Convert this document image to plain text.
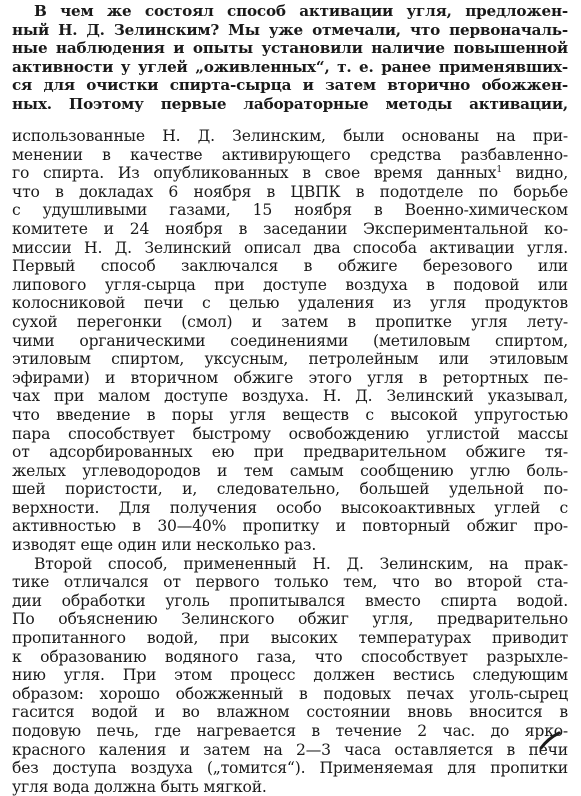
В чем же состоял способ активации угля, предложен-
ный Н. Д. Зелинским? Мы уже отмечали, что первоначаль-
ные наблюдения и опыты установили наличие повышенной
активности у углей „оживленных“, т. е. ранее применявших-
ся для очистки спирта-сырца и затем вторично обожжен-
ных. Поэтому первые лабораторные методы активации,
использованные Н. Д. Зелинским, были основаны на при-
менении в качестве активирующего средства разбавленно-
го спирта. Из опубликованных в свое время данных$^1$ видно,
что в докладах 6 ноября в ЦВПК в подотделе по борьбе
с удушливыми газами, 15 ноября в Военно-химическом
комитете и 24 ноября в заседании Экспериментальной ко-
миссии Н. Д. Зелинский описал два способа активации угля.
Первый способ заключался в обжиге березового или
липового угля-сырца при доступе воздуха в подовой или
колосниковой печи с целью удаления из угля продуктов
сухой перегонки (смол) и затем в пропитке угля лету-
чими органическими соединениями (метиловым спиртом,
этиловым спиртом, уксусным, петролейным или этиловым
эфирами) и вторичном обжиге этого угля в ретортных пе-
чах при малом доступе воздуха. Н. Д. Зелинский указывал,
что введение в поры угля веществ с высокой упругостью
пара способствует быстрому освобождению углистой массы
от адсорбированных ею при предварительном обжиге тя-
желых углеводородов и тем самым сообщению углю боль-
шей пористости, и, следовательно, большей удельной по-
верхности. Для получения особо высокоактивных углей с
активностью в 30—40% пропитку и повторный обжиг про-
изводят еще один или несколько раз.
Второй способ, примененный Н. Д. Зелинским, на прак-
тике отличался от первого только тем, что во второй ста-
дии обработки уголь пропитывался вместо спирта водой.
По объяснению Зелинского обжиг угля, предварительно
пропитанного водой, при высоких температурах приводит
к образованию водяного газа, что способствует разрыхле-
нию угля. При этом процесс должен вестись следующим
образом: хорошо обожженный в подовых печах уголь-сырец
гасится водой и во влажном состоянии вновь вносится в
подовую печь, где нагревается в течение 2 час. до ярко-
красного каления и затем на 2—3 часа оставляется в печи
без доступа воздуха („томится“). Применяемая для пропитки
угля вода должна быть мягкой.
